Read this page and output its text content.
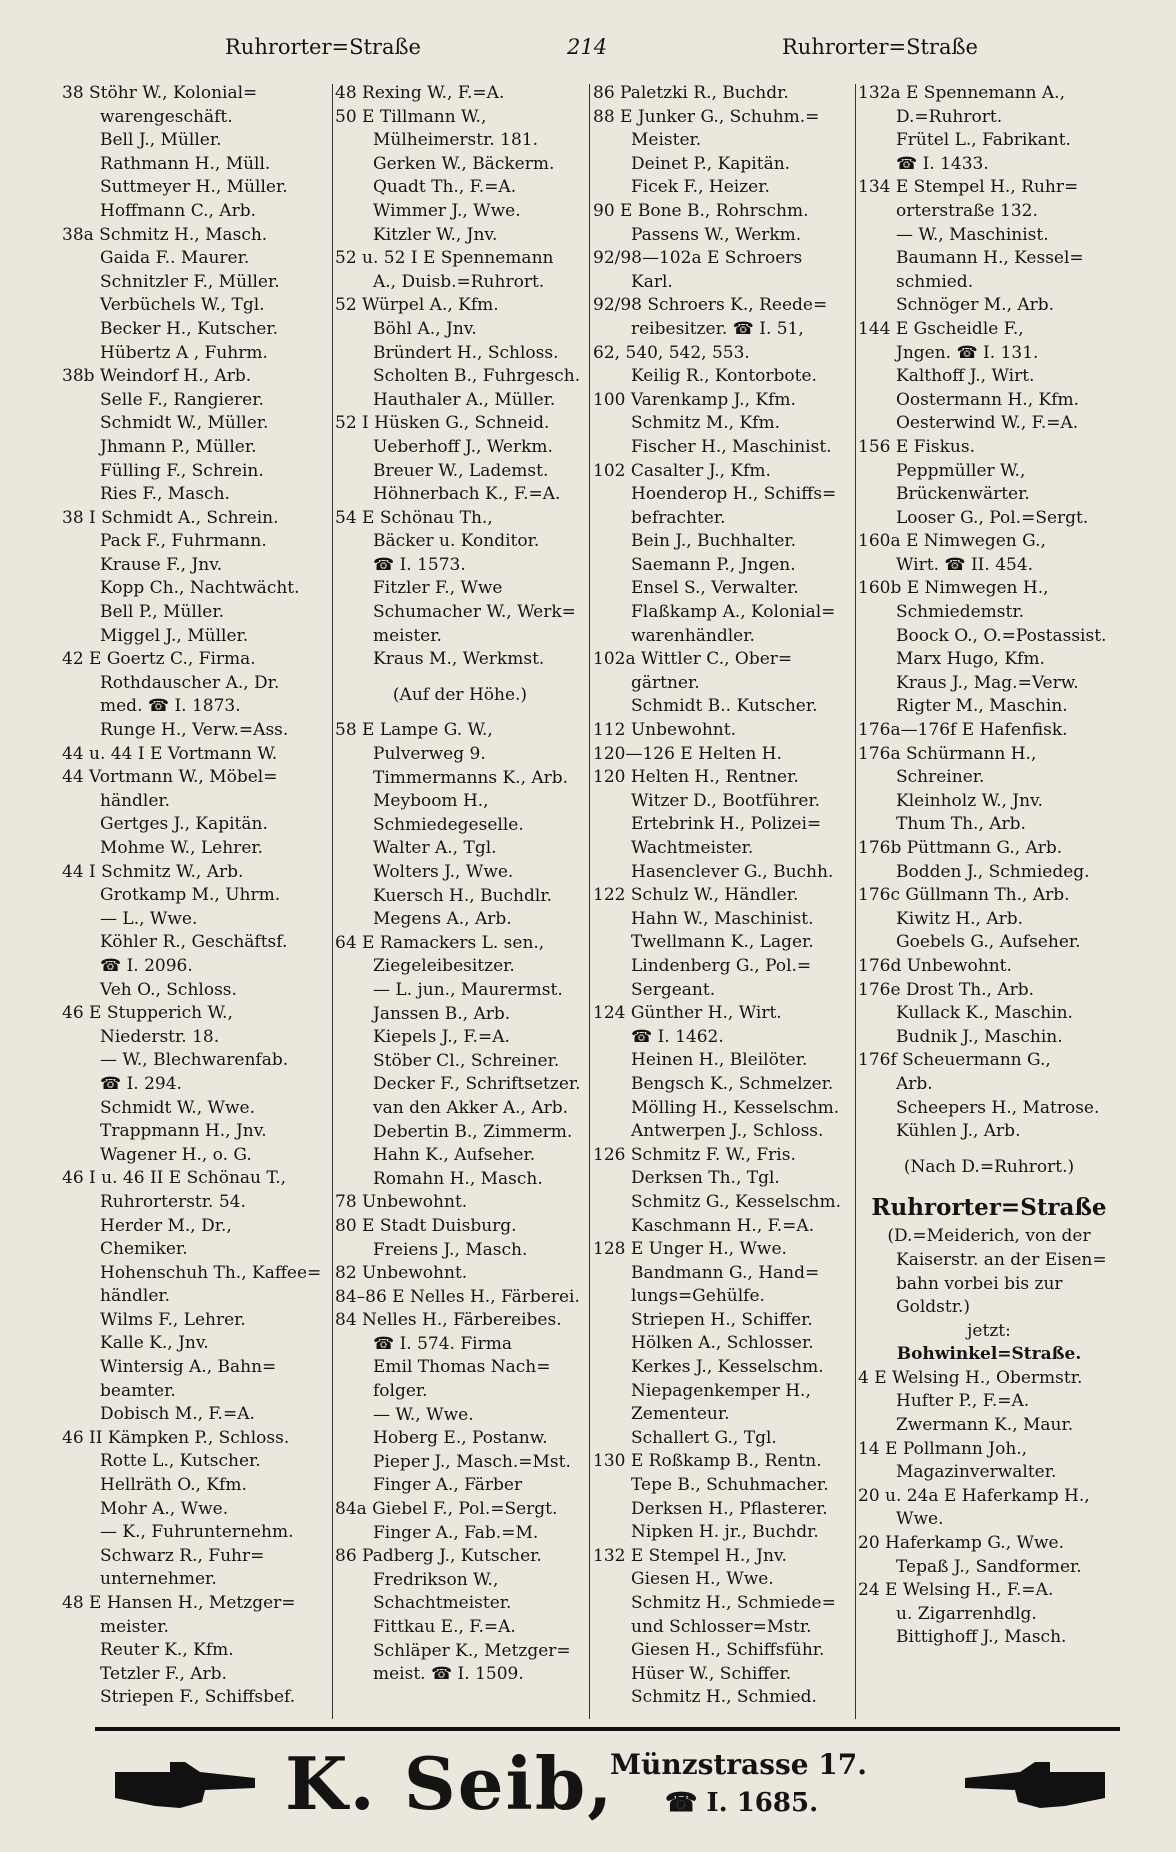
Ruhrorter=Straße	214	Ruhrorter=Straße
38 Stöhr W., Kolonial=
warengeschäft.
Bell J., Müller.
Rathmann H., Müll.
Suttmeyer H., Müller.
Hoffmann C., Arb.
38a Schmitz H., Masch.
Gaida F.. Maurer.
Schnitzler F., Müller.
Verbüchels W., Tgl.
Becker H., Kutscher.
Hübertz A , Fuhrm.
38b Weindorf H., Arb.
Selle F., Rangierer.
Schmidt W., Müller.
Jhmann P., Müller.
Fülling F., Schrein.
Ries F., Masch.
38 I Schmidt A., Schrein.
Pack F., Fuhrmann.
Krause F., Jnv.
Kopp Ch., Nachtwächt.
Bell P., Müller.
Miggel J., Müller.
42 E Goertz C., Firma.
Rothdauscher A., Dr.
med. ☎ I. 1873.
Runge H., Verw.=Ass.
44 u. 44 I E Vortmann W.
44 Vortmann W., Möbel=
händler.
Gertges J., Kapitän.
Mohme W., Lehrer.
44 I Schmitz W., Arb.
Grotkamp M., Uhrm.
— L., Wwe.
Köhler R., Geschäftsf.
☎ I. 2096.
Veh O., Schloss.
46 E Stupperich W.,
Niederstr. 18.
— W., Blechwarenfab.
☎ I. 294.
Schmidt W., Wwe.
Trappmann H., Jnv.
Wagener H., o. G.
46 I u. 46 II E Schönau T.,
Ruhrorterstr. 54.
Herder M., Dr.,
Chemiker.
Hohenschuh Th., Kaffee=
händler.
Wilms F., Lehrer.
Kalle K., Jnv.
Wintersig A., Bahn=
beamter.
Dobisch M., F.=A.
46 II Kämpken P., Schloss.
Rotte L., Kutscher.
Hellräth O., Kfm.
Mohr A., Wwe.
— K., Fuhrunternehm.
Schwarz R., Fuhr=
unternehmer.
48 E Hansen H., Metzger=
meister.
Reuter K., Kfm.
Tetzler F., Arb.
Striepen F., Schiffsbef.
48 Rexing W., F.=A.
50 E Tillmann W.,
Mülheimerstr. 181.
Gerken W., Bäckerm.
Quadt Th., F.=A.
Wimmer J., Wwe.
Kitzler W., Jnv.
52 u. 52 I E Spennemann
A., Duisb.=Ruhrort.
52 Würpel A., Kfm.
Böhl A., Jnv.
Bründert H., Schloss.
Scholten B., Fuhrgesch.
Hauthaler A., Müller.
52 I Hüsken G., Schneid.
Ueberhoff J., Werkm.
Breuer W., Lademst.
Höhnerbach K., F.=A.
54 E Schönau Th.,
Bäcker u. Konditor.
☎ I. 1573.
Fitzler F., Wwe
Schumacher W., Werk=
meister.
Kraus M., Werkmst.
(Auf der Höhe.)
58 E Lampe G. W.,
Pulverweg 9.
Timmermanns K., Arb.
Meyboom H.,
Schmiedegeselle.
Walter A., Tgl.
Wolters J., Wwe.
Kuersch H., Buchdlr.
Megens A., Arb.
64 E Ramackers L. sen.,
Ziegeleibesitzer.
— L. jun., Maurermst.
Janssen B., Arb.
Kiepels J., F.=A.
Stöber Cl., Schreiner.
Decker F., Schriftsetzer.
van den Akker A., Arb.
Debertin B., Zimmerm.
Hahn K., Aufseher.
Romahn H., Masch.
78 Unbewohnt.
80 E Stadt Duisburg.
Freiens J., Masch.
82 Unbewohnt.
84–86 E Nelles H., Färberei.
84 Nelles H., Färbereibes.
☎ I. 574. Firma
Emil Thomas Nach=
folger.
— W., Wwe.
Hoberg E., Postanw.
Pieper J., Masch.=Mst.
Finger A., Färber
84a Giebel F., Pol.=Sergt.
Finger A., Fab.=M.
86 Padberg J., Kutscher.
Fredrikson W.,
Schachtmeister.
Fittkau E., F.=A.
Schläper K., Metzger=
meist. ☎ I. 1509.
86 Paletzki R., Buchdr.
88 E Junker G., Schuhm.=
Meister.
Deinet P., Kapitän.
Ficek F., Heizer.
90 E Bone B., Rohrschm.
Passens W., Werkm.
92/98—102a E Schroers
Karl.
92/98 Schroers K., Reede=
reibesitzer. ☎ I. 51,
62, 540, 542, 553.
Keilig R., Kontorbote.
100 Varenkamp J., Kfm.
Schmitz M., Kfm.
Fischer H., Maschinist.
102 Casalter J., Kfm.
Hoenderop H., Schiffs=
befrachter.
Bein J., Buchhalter.
Saemann P., Jngen.
Ensel S., Verwalter.
Flaßkamp A., Kolonial=
warenhändler.
102a Wittler C., Ober=
gärtner.
Schmidt B.. Kutscher.
112 Unbewohnt.
120—126 E Helten H.
120 Helten H., Rentner.
Witzer D., Bootführer.
Ertebrink H., Polizei=
Wachtmeister.
Hasenclever G., Buchh.
122 Schulz W., Händler.
Hahn W., Maschinist.
Twellmann K., Lager.
Lindenberg G., Pol.=
Sergeant.
124 Günther H., Wirt.
☎ I. 1462.
Heinen H., Bleilöter.
Bengsch K., Schmelzer.
Mölling H., Kesselschm.
Antwerpen J., Schloss.
126 Schmitz F. W., Fris.
Derksen Th., Tgl.
Schmitz G., Kesselschm.
Kaschmann H., F.=A.
128 E Unger H., Wwe.
Bandmann G., Hand=
lungs=Gehülfe.
Striepen H., Schiffer.
Hölken A., Schlosser.
Kerkes J., Kesselschm.
Niepagenkemper H.,
Zementeur.
Schallert G., Tgl.
130 E Roßkamp B., Rentn.
Tepe B., Schuhmacher.
Derksen H., Pflasterer.
Nipken H. jr., Buchdr.
132 E Stempel H., Jnv.
Giesen H., Wwe.
Schmitz H., Schmiede=
und Schlosser=Mstr.
Giesen H., Schiffsführ.
Hüser W., Schiffer.
Schmitz H., Schmied.
132a E Spennemann A.,
D.=Ruhrort.
Frütel L., Fabrikant.
☎ I. 1433.
134 E Stempel H., Ruhr=
orterstraße 132.
— W., Maschinist.
Baumann H., Kessel=
schmied.
Schnöger M., Arb.
144 E Gscheidle F.,
Jngen. ☎ I. 131.
Kalthoff J., Wirt.
Oostermann H., Kfm.
Oesterwind W., F.=A.
156 E Fiskus.
Peppmüller W.,
Brückenwärter.
Looser G., Pol.=Sergt.
160a E Nimwegen G.,
Wirt. ☎ II. 454.
160b E Nimwegen H.,
Schmiedemstr.
Boock O., O.=Postassist.
Marx Hugo, Kfm.
Kraus J., Mag.=Verw.
Rigter M., Maschin.
176a—176f E Hafenfisk.
176a Schürmann H.,
Schreiner.
Kleinholz W., Jnv.
Thum Th., Arb.
176b Püttmann G., Arb.
Bodden J., Schmiedeg.
176c Güllmann Th., Arb.
Kiwitz H., Arb.
Goebels G., Aufseher.
176d Unbewohnt.
176e Drost Th., Arb.
Kullack K., Maschin.
Budnik J., Maschin.
176f Scheuermann G.,
Arb.
Scheepers H., Matrose.
Kühlen J., Arb.
(Nach D.=Ruhrort.)
Ruhrorter=Straße
(D.=Meiderich, von der
Kaiserstr. an der Eisen=
bahn vorbei bis zur
Goldstr.)
jetzt:
Bohwinkel=Straße.
4 E Welsing H., Obermstr.
Hufter P., F.=A.
Zwermann K., Maur.
14 E Pollmann Joh.,
Magazinverwalter.
20 u. 24a E Haferkamp H.,
Wwe.
20 Haferkamp G., Wwe.
Tepaß J., Sandformer.
24 E Welsing H., F.=A.
u. Zigarrenhdlg.
Bittighoff J., Masch.
K. Seib,
Münzstrasse 17.
☎ I. 1685.
